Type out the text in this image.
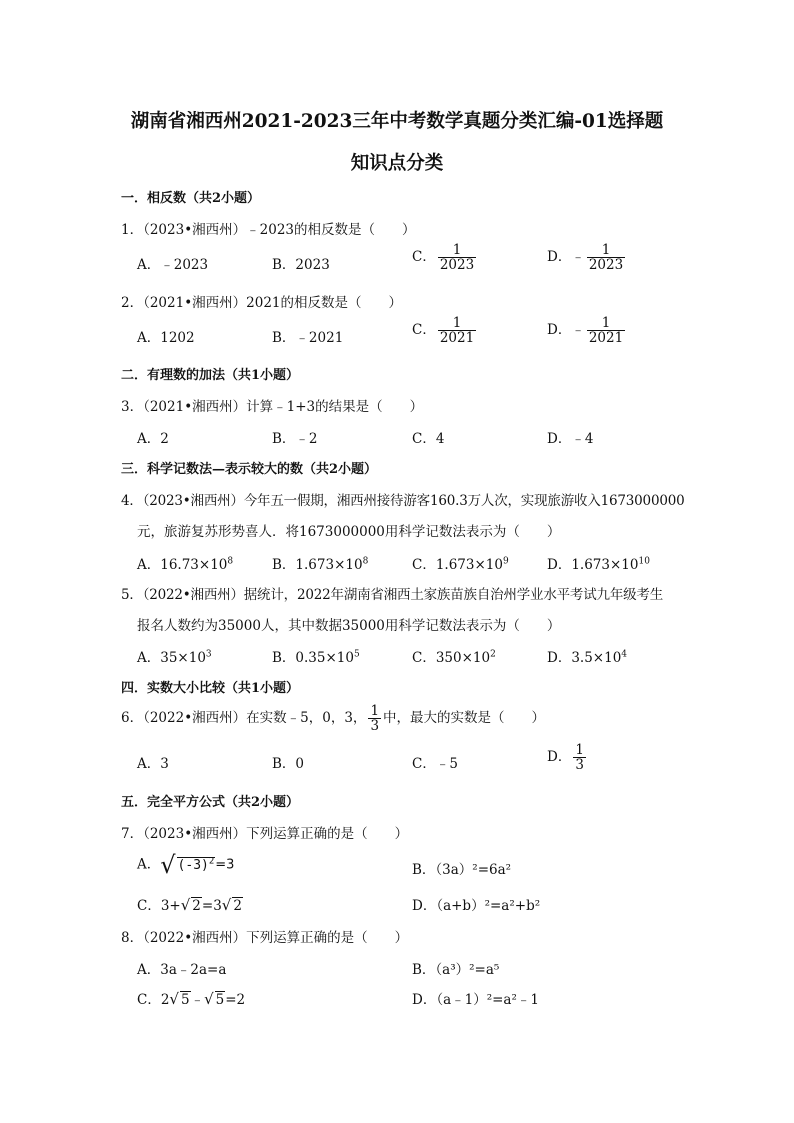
湖南省湘西州2021-2023三年中考数学真题分类汇编-01选择题
知识点分类
一．相反数（共2小题）
1．（2023•湘西州）﹣2023的相反数是（　　）
A．﹣2023	B．2023	C． $\frac{1}{2023}$	D．﹣ $\frac{1}{2023}$
2．（2021•湘西州）2021的相反数是（　　）
A．1202	B．﹣2021	C． $\frac{1}{2021}$	D．﹣ $\frac{1}{2021}$
二．有理数的加法（共1小题）
3．（2021•湘西州）计算﹣1+3的结果是（　　）
A．2	B．﹣2	C．4	D．﹣4
三．科学记数法—表示较大的数（共2小题）
4．（2023•湘西州）今年五一假期，湘西州接待游客160.3万人次，实现旅游收入1673000000
元，旅游复苏形势喜人．将1673000000用科学记数法表示为（　　）
A．$16.73\times 10^8$	B．$1.673\times 10^8$	C．$1.673\times 10^9$	D．$1.673\times 10^{10}$
5．（2022•湘西州）据统计，2022年湖南省湘西土家族苗族自治州学业水平考试九年级考生
报名人数约为35000人，其中数据35000用科学记数法表示为（　　）
A．$35\times 10^3$	B．$0.35\times 10^5$	C．$350\times 10^2$	D．$3.5\times 10^4$
四．实数大小比较（共1小题）
6．（2022•湘西州）在实数﹣5，0，3， $\frac{1}{3}$ 中，最大的实数是（　　）
A．3	B．0	C．﹣5	D． $\frac{1}{3}$
五．完全平方公式（共2小题）
7．（2023•湘西州）下列运算正确的是（　　）
A．√ $(-3)^2=3$	B．（3a）²=6a²
C．3+√ 2=3√ 2	D．（a+b）²=a²+b²
8．（2022•湘西州）下列运算正确的是（　　）
A．3a﹣2a=a	B．（a³）²=a⁵
C．2√ 5﹣√ 5=2	D．（a﹣1）²=a²﹣1
